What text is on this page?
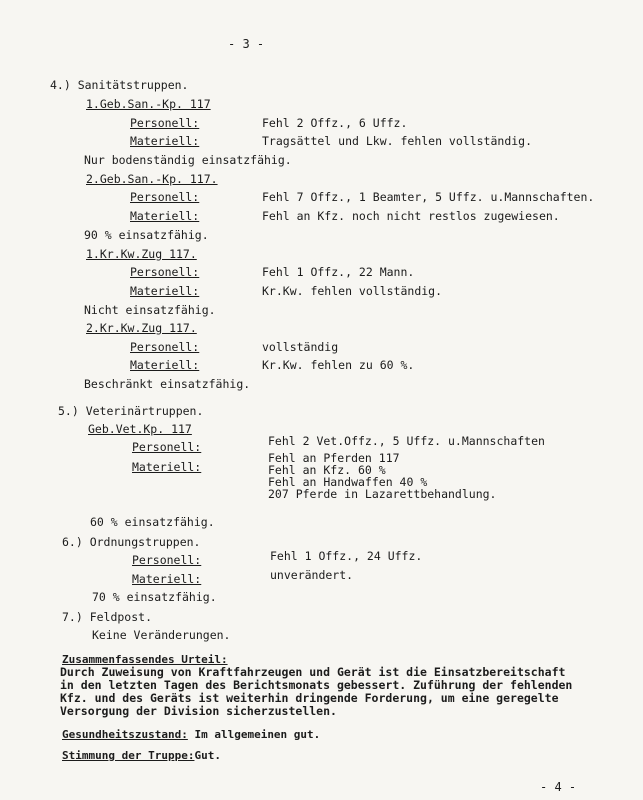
- 3 -
4.) Sanitätstruppen.
1.Geb.San.-Kp. 117
Personell:	Fehl 2 Offz., 6 Uffz.
Materiell:	Tragsättel und Lkw. fehlen vollständig.
Nur bodenständig einsatzfähig.
2.Geb.San.-Kp. 117.
Personell:	Fehl 7 Offz., 1 Beamter, 5 Uffz. u.Mannschaften.
Materiell:	Fehl an Kfz. noch nicht restlos zugewiesen.
90 % einsatzfähig.
1.Kr.Kw.Zug 117.
Personell:	Fehl 1 Offz., 22 Mann.
Materiell:	Kr.Kw. fehlen vollständig.
Nicht einsatzfähig.
2.Kr.Kw.Zug 117.
Personell:	vollständig
Materiell:	Kr.Kw. fehlen zu 60 %.
Beschränkt einsatzfähig.
5.) Veterinärtruppen.
Geb.Vet.Kp. 117
Personell:	Fehl 2 Vet.Offz., 5 Uffz. u.Mannschaften
Materiell:
Fehl an Pferden 117
Fehl an Kfz. 60 %
Fehl an Handwaffen 40 %
207 Pferde in Lazarettbehandlung.
60 % einsatzfähig.
6.) Ordnungstruppen.
Personell:	Fehl 1 Offz., 24 Uffz.
Materiell:	unverändert.
70 % einsatzfähig.
7.) Feldpost.
Keine Veränderungen.
Zusammenfassendes Urteil:
Durch Zuweisung von Kraftfahrzeugen und Gerät ist die Einsatzbereitschaft
in den letzten Tagen des Berichtsmonats gebessert. Zuführung der fehlenden
Kfz. und des Geräts ist weiterhin dringende Forderung, um eine geregelte
Versorgung der Division sicherzustellen.
Gesundheitszustand: Im allgemeinen gut.
Stimmung der Truppe:Gut.
- 4 -
